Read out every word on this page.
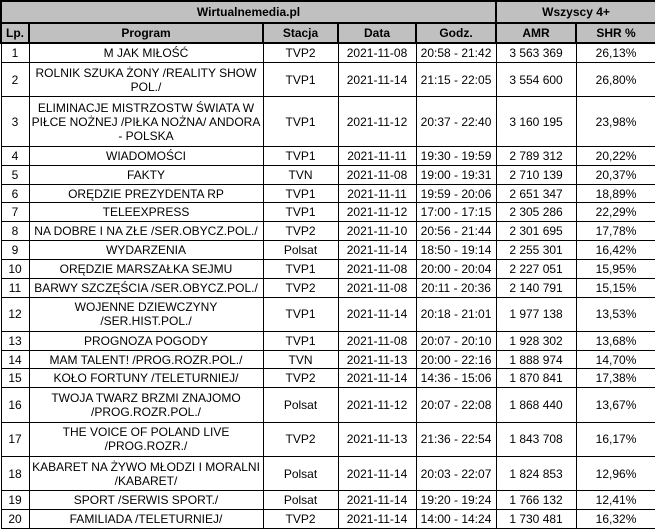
Wirtualnemedia.pl					Wszyscy 4+	
Lp.	Program	Stacja	Data	Godz.	AMR	SHR %
1	M JAK MIŁOŚĆ	TVP2	2021-11-08	20:58 - 21:42	3 563 369	26,13%
2	ROLNIK SZUKA ŻONY /REALITY SHOW POL./	TVP1	2021-11-14	21:15 - 22:05	3 554 600	26,80%
3	ELIMINACJE MISTRZOSTW ŚWIATA W PIŁCE NOŻNEJ /PIŁKA NOŻNA/ ANDORA - POLSKA	TVP1	2021-11-12	20:37 - 22:40	3 160 195	23,98%
4	WIADOMOŚCI	TVP1	2021-11-11	19:30 - 19:59	2 789 312	20,22%
5	FAKTY	TVN	2021-11-08	19:00 - 19:31	2 710 139	20,37%
6	ORĘDZIE PREZYDENTA RP	TVP1	2021-11-11	19:59 - 20:06	2 651 347	18,89%
7	TELEEXPRESS	TVP1	2021-11-12	17:00 - 17:15	2 305 286	22,29%
8	NA DOBRE I NA ZŁE /SER.OBYCZ.POL./	TVP2	2021-11-10	20:56 - 21:44	2 301 695	17,78%
9	WYDARZENIA	Polsat	2021-11-14	18:50 - 19:14	2 255 301	16,42%
10	ORĘDZIE MARSZAŁKA SEJMU	TVP1	2021-11-08	20:00 - 20:04	2 227 051	15,95%
11	BARWY SZCZĘŚCIA /SER.OBYCZ.POL./	TVP2	2021-11-08	20:11 - 20:36	2 140 791	15,15%
12	WOJENNE DZIEWCZYNY /SER.HIST.POL./	TVP1	2021-11-14	20:18 - 21:01	1 977 138	13,53%
13	PROGNOZA POGODY	TVP1	2021-11-08	20:07 - 20:10	1 928 302	13,68%
14	MAM TALENT! /PROG.ROZR.POL./	TVN	2021-11-13	20:00 - 22:16	1 888 974	14,70%
15	KOŁO FORTUNY /TELETURNIEJ/	TVP2	2021-11-14	14:36 - 15:06	1 870 841	17,38%
16	TWOJA TWARZ BRZMI ZNAJOMO /PROG.ROZR.POL./	Polsat	2021-11-12	20:07 - 22:08	1 868 440	13,67%
17	THE VOICE OF POLAND LIVE /PROG.ROZR./	TVP2	2021-11-13	21:36 - 22:54	1 843 708	16,17%
18	KABARET NA ŻYWO MŁODZI I MORALNI /KABARET/	Polsat	2021-11-14	20:03 - 22:07	1 824 853	12,96%
19	SPORT /SERWIS SPORT./	Polsat	2021-11-14	19:20 - 19:24	1 766 132	12,41%
20	FAMILIADA /TELETURNIEJ/	TVP2	2021-11-14	14:00 - 14:24	1 730 481	16,32%
